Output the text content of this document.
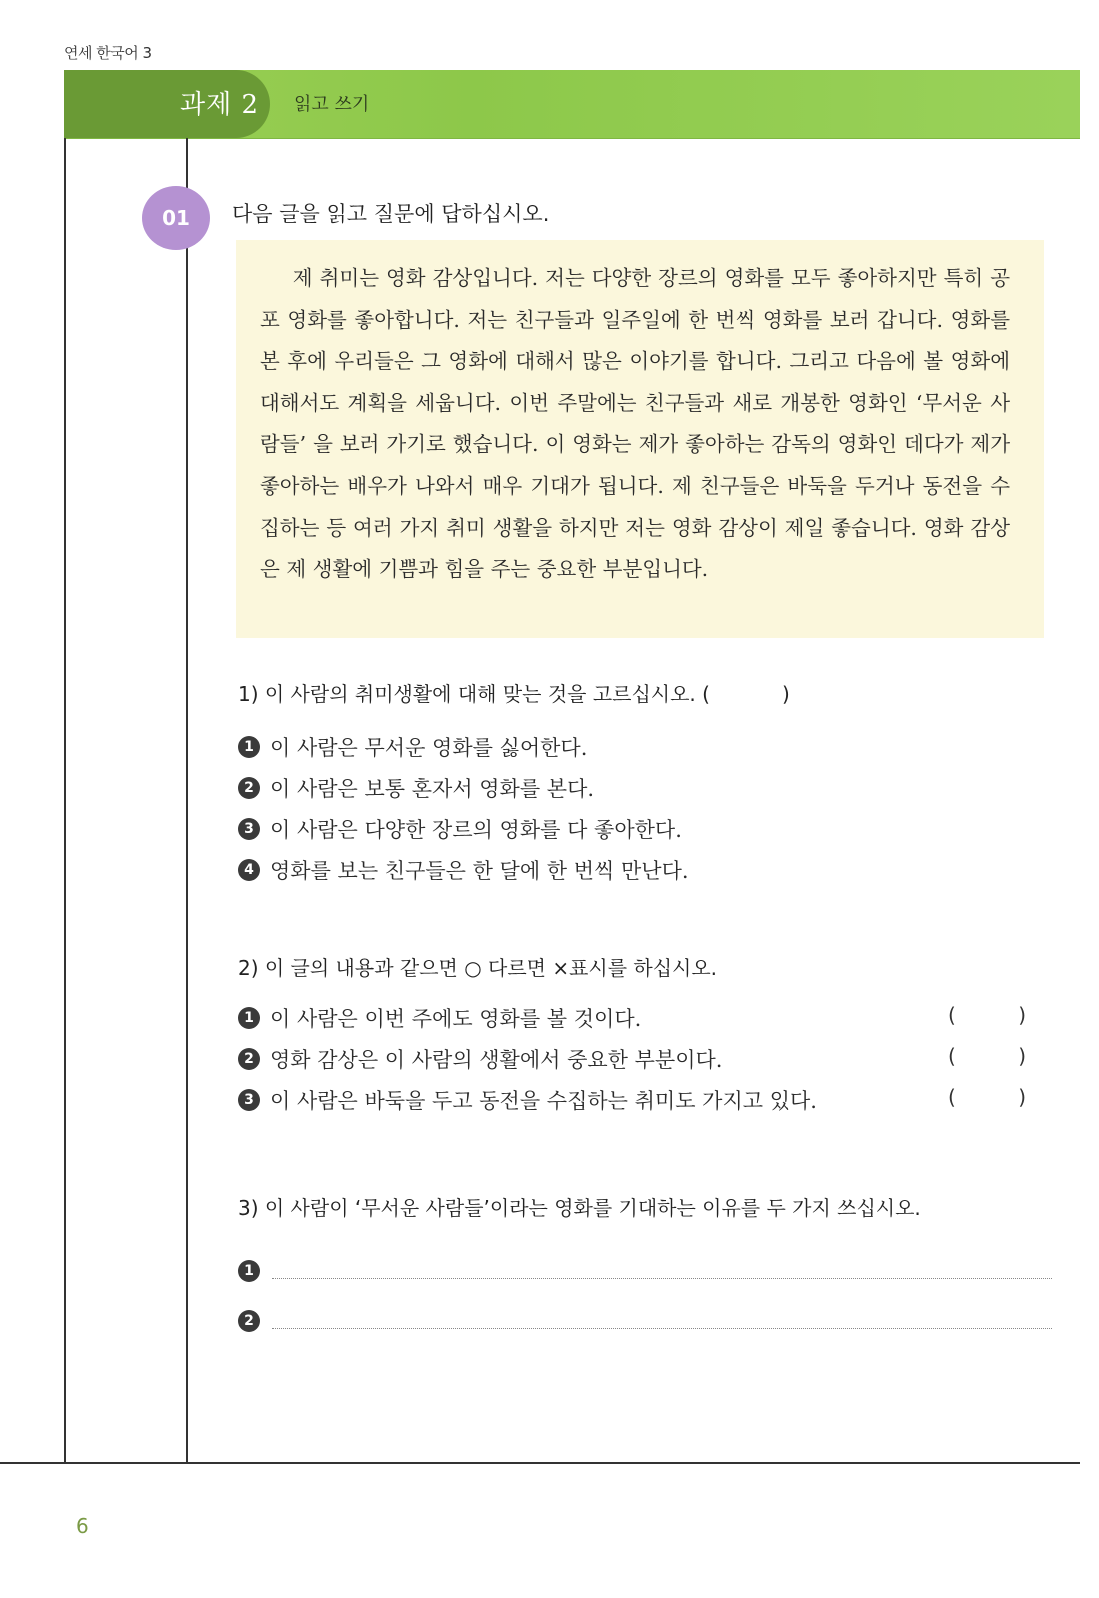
연세 한국어 3
과제 2 읽고 쓰기
01	다음 글을 읽고 질문에 답하십시오.
제 취미는 영화 감상입니다. 저는 다양한 장르의 영화를 모두 좋아하지만 특히 공포 영화를 좋아합니다. 저는 친구들과 일주일에 한 번씩 영화를 보러 갑니다. 영화를 본 후에 우리들은 그 영화에 대해서 많은 이야기를 합니다. 그리고 다음에 볼 영화에 대해서도 계획을 세웁니다. 이번 주말에는 친구들과 새로 개봉한 영화인 ‘무서운 사람들’ 을 보러 가기로 했습니다. 이 영화는 제가 좋아하는 감독의 영화인 데다가 제가 좋아하는 배우가 나와서 매우 기대가 됩니다. 제 친구들은 바둑을 두거나 동전을 수집하는 등 여러 가지 취미 생활을 하지만 저는 영화 감상이 제일 좋습니다. 영화 감상은 제 생활에 기쁨과 힘을 주는 중요한 부분입니다.
1) 이 사람의 취미생활에 대해 맞는 것을 고르십시오. (	)
1 이 사람은 무서운 영화를 싫어한다.
2 이 사람은 보통 혼자서 영화를 본다.
3 이 사람은 다양한 장르의 영화를 다 좋아한다.
4 영화를 보는 친구들은 한 달에 한 번씩 만난다.
2) 이 글의 내용과 같으면 ○ 다르면 ×표시를 하십시오.
1 이 사람은 이번 주에도 영화를 볼 것이다.	(	)
2 영화 감상은 이 사람의 생활에서 중요한 부분이다.	(	)
3 이 사람은 바둑을 두고 동전을 수집하는 취미도 가지고 있다.	(	)
3) 이 사람이 ‘무서운 사람들’이라는 영화를 기대하는 이유를 두 가지 쓰십시오.
1
2
6
